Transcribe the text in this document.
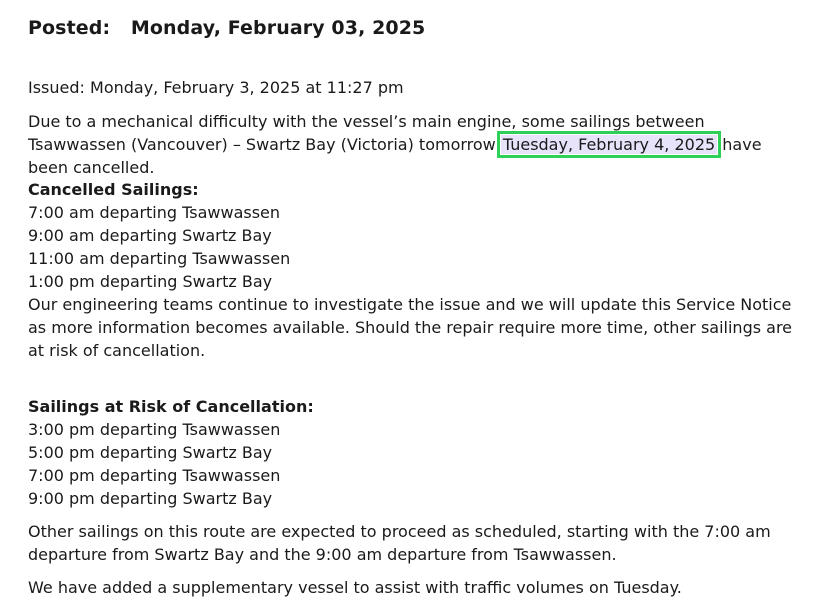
Posted: Monday, February 03, 2025

Issued: Monday, February 3, 2025 at 11:27 pm

Due to a mechanical difficulty with the vessel’s main engine, some sailings between Tsawwassen (Vancouver) – Swartz Bay (Victoria) tomorrow Tuesday, February 4, 2025 have been cancelled.

Cancelled Sailings:
7:00 am departing Tsawwassen
9:00 am departing Swartz Bay
11:00 am departing Tsawwassen
1:00 pm departing Swartz Bay
Our engineering teams continue to investigate the issue and we will update this Service Notice as more information becomes available. Should the repair require more time, other sailings are at risk of cancellation.
Sailings at Risk of Cancellation:
3:00 pm departing Tsawwassen
5:00 pm departing Swartz Bay
7:00 pm departing Tsawwassen
9:00 pm departing Swartz Bay

Other sailings on this route are expected to proceed as scheduled, starting with the 7:00 am departure from Swartz Bay and the 9:00 am departure from Tsawwassen.

We have added a supplementary vessel to assist with traffic volumes on Tuesday.
